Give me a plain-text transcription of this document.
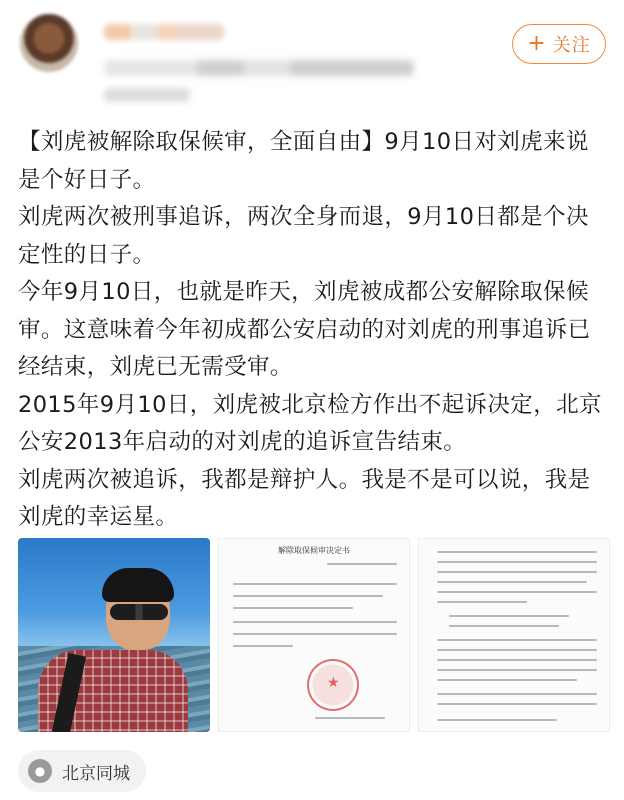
+ 关注

【刘虎被解除取保候审，全面自由】9月10日对刘虎来说是个好日子。

刘虎两次被刑事追诉，两次全身而退，9月10日都是个决定性的日子。

今年9月10日，也就是昨天，刘虎被成都公安解除取保候审。这意味着今年初成都公安启动的对刘虎的刑事追诉已经结束，刘虎已无需受审。

2015年9月10日，刘虎被北京检方作出不起诉决定，北京公安2013年启动的对刘虎的追诉宣告结束。

刘虎两次被追诉，我都是辩护人。我是不是可以说，我是刘虎的幸运星。

解除取保候审决定书
★
● 北京同城
